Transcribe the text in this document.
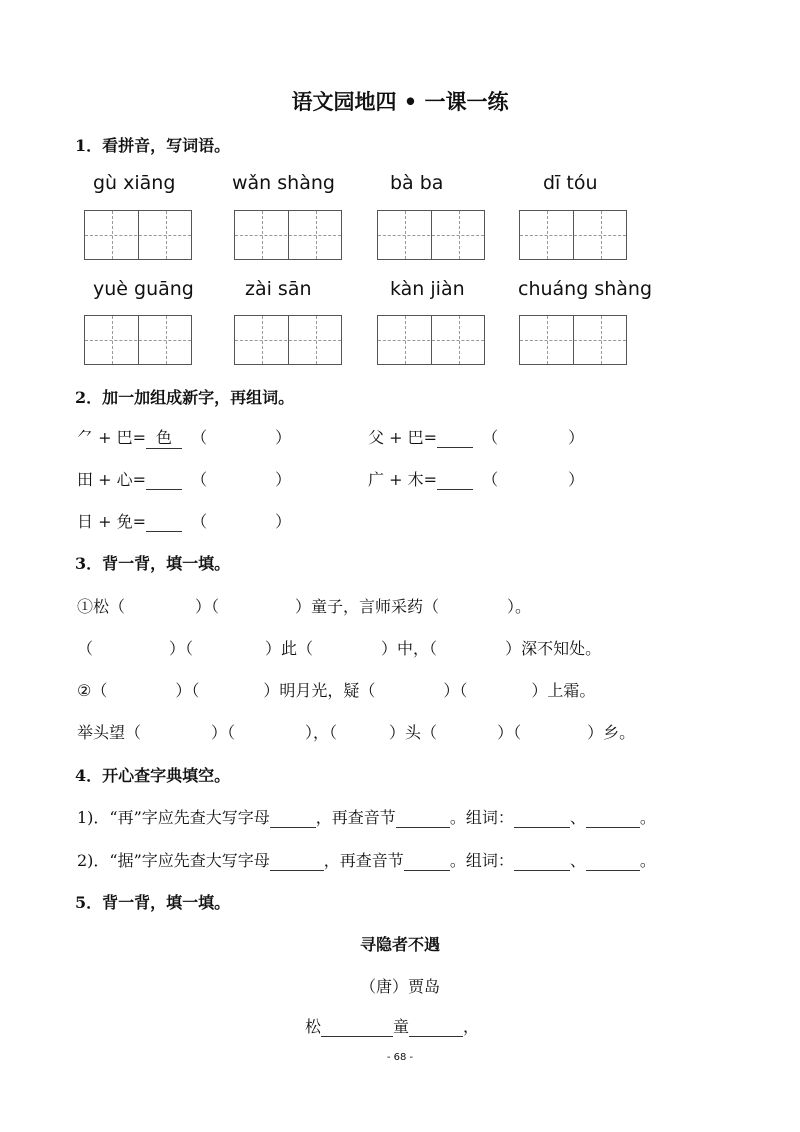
语文园地四 • 一课一练
1．看拼音，写词语。
gù xiāng	wǎn shàng	bà ba	dī tóu
yuè guāng	zài sān	kàn jiàn	chuáng shàng
2．加一加组成新字，再组词。
⺈ + 巴= 色 （	）	父 + 巴=	（	）
田 + 心=	（	）	广 + 木=	（	）
日 + 免=	（	）
3．背一背，填一填。
①松（	）（	）童子，言师采药（	）。
（	）（	）此（	）中，（	）深不知处。
②（	）（	）明月光，疑（	）（	）上霜。
举头望（	）（	），（	）头（	）（	）乡。
4．开心查字典填空。
1)．“再”字应先查大写字母	，再查音节	。组词：	、	。
2)．“据”字应先查大写字母	，再查音节	。组词：	、	。
5．背一背，填一填。
寻隐者不遇
（唐）贾岛
松	童	，
- 68 -
